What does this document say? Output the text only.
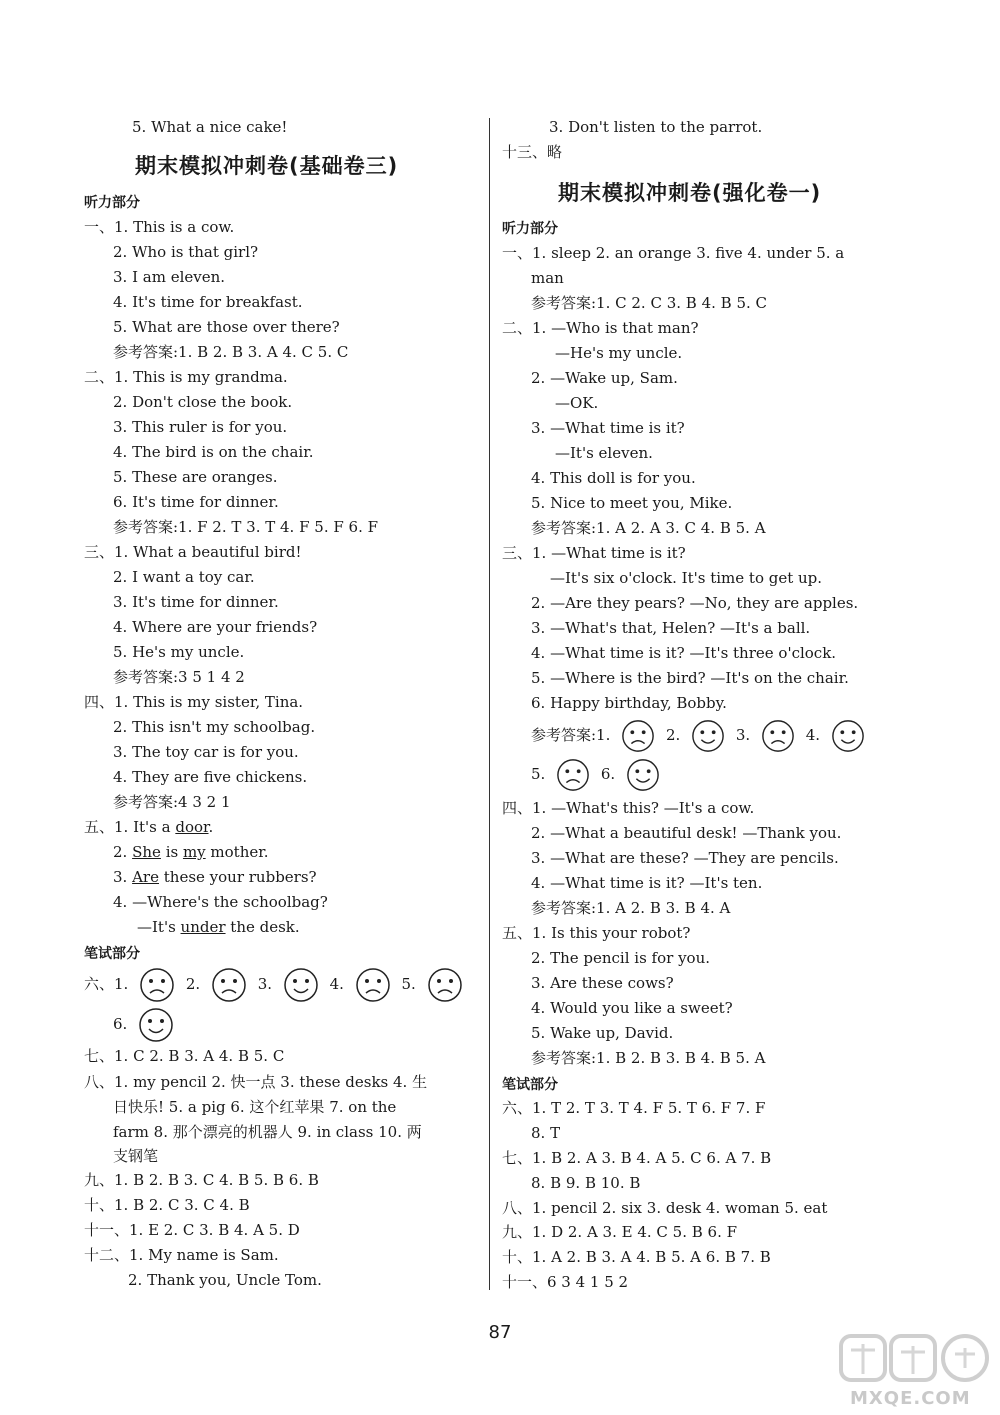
5. What a nice cake!
期末模拟冲刺卷(基础卷三)
听力部分
一、1. This is a cow.
2. Who is that girl?
3. I am eleven.
4. It's time for breakfast.
5. What are those over there?
参考答案:1. B 2. B 3. A 4. C 5. C
二、1. This is my grandma.
2. Don't close the book.
3. This ruler is for you.
4. The bird is on the chair.
5. These are oranges.
6. It's time for dinner.
参考答案:1. F 2. T 3. T 4. F 5. F 6. F
三、1. What a beautiful bird!
2. I want a toy car.
3. It's time for dinner.
4. Where are your friends?
5. He's my uncle.
参考答案:3 5 1 4 2
四、1. This is my sister, Tina.
2. This isn't my schoolbag.
3. The toy car is for you.
4. They are five chickens.
参考答案:4 3 2 1
五、1. It's a door.
2. She is my mother.
3. Are these your rubbers?
4. —Where's the schoolbag?
—It's under the desk.
笔试部分
六、1.	2.	3.	4.	5.
6.
七、1. C 2. B 3. A 4. B 5. C
八、1. my pencil 2. 快一点 3. these desks 4. 生
日快乐! 5. a pig 6. 这个红苹果 7. on the
farm 8. 那个漂亮的机器人 9. in class 10. 两
支钢笔
九、1. B 2. B 3. C 4. B 5. B 6. B
十、1. B 2. C 3. C 4. B
十一、1. E 2. C 3. B 4. A 5. D
十二、1. My name is Sam.
2. Thank you, Uncle Tom.
3. Don't listen to the parrot.
十三、略
期末模拟冲刺卷(强化卷一)
听力部分
一、1. sleep 2. an orange 3. five 4. under 5. a
man
参考答案:1. C 2. C 3. B 4. B 5. C
二、1. —Who is that man?
—He's my uncle.
2. —Wake up, Sam.
—OK.
3. —What time is it?
—It's eleven.
4. This doll is for you.
5. Nice to meet you, Mike.
参考答案:1. A 2. A 3. C 4. B 5. A
三、1. —What time is it?
—It's six o'clock. It's time to get up.
2. —Are they pears? —No, they are apples.
3. —What's that, Helen? —It's a ball.
4. —What time is it? —It's three o'clock.
5. —Where is the bird? —It's on the chair.
6. Happy birthday, Bobby.
参考答案:1.	2.	3.	4.
5.	6.
四、1. —What's this? —It's a cow.
2. —What a beautiful desk! —Thank you.
3. —What are these? —They are pencils.
4. —What time is it? —It's ten.
参考答案:1. A 2. B 3. B 4. A
五、1. Is this your robot?
2. The pencil is for you.
3. Are these cows?
4. Would you like a sweet?
5. Wake up, David.
参考答案:1. B 2. B 3. B 4. B 5. A
笔试部分
六、1. T 2. T 3. T 4. F 5. T 6. F 7. F
8. T
七、1. B 2. A 3. B 4. A 5. C 6. A 7. B
8. B 9. B 10. B
八、1. pencil 2. six 3. desk 4. woman 5. eat
九、1. D 2. A 3. E 4. C 5. B 6. F
十、1. A 2. B 3. A 4. B 5. A 6. B 7. B
十一、6 3 4 1 5 2
87
MXQE.COM
